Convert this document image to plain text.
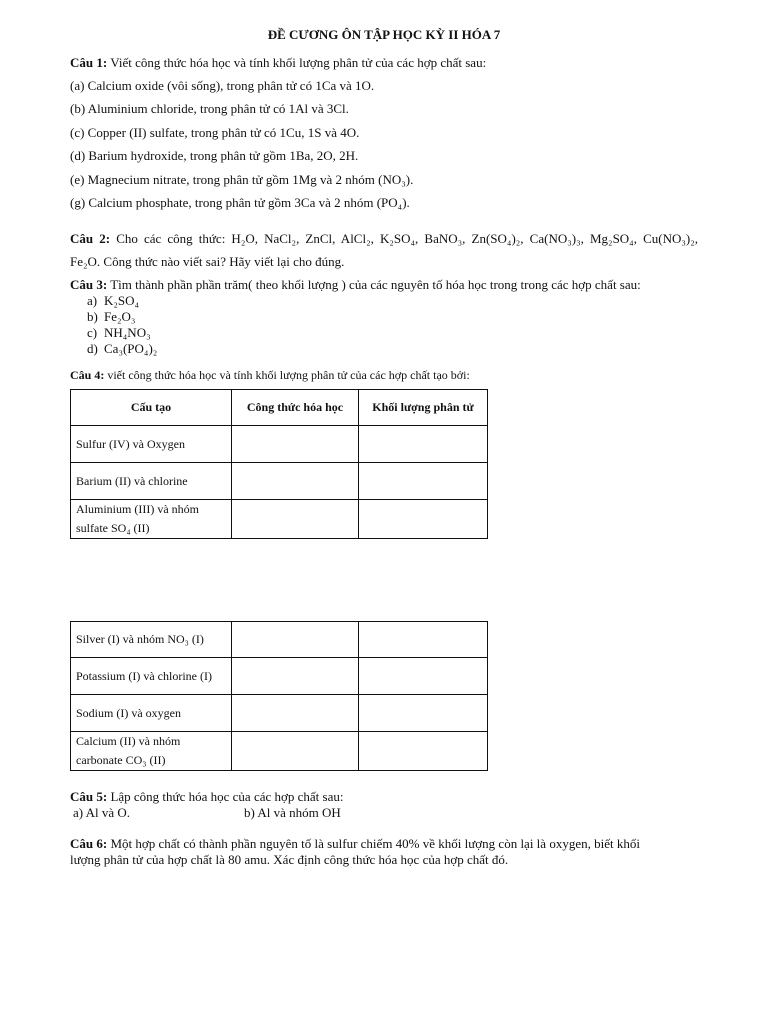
ĐỀ CƯƠNG ÔN TẬP HỌC KỲ II HÓA 7
Câu 1: Viết công thức hóa học và tính khối lượng phân tử của các hợp chất sau:
(a) Calcium oxide (vôi sống), trong phân tử có 1Ca và 1O.
(b) Aluminium chloride, trong phân tử có 1Al và 3Cl.
(c) Copper (II) sulfate, trong phân tử có 1Cu, 1S và 4O.
(d) Barium hydroxide, trong phân tử gồm 1Ba, 2O, 2H.
(e) Magnecium nitrate, trong phân tử gồm 1Mg và 2 nhóm (NO₃).
(g) Calcium phosphate, trong phân tử gồm 3Ca và 2 nhóm (PO₄).
Câu 2: Cho các công thức: H₂O, NaCl₂, ZnCl, AlCl₂, K₂SO₄, BaNO₃, Zn(SO₄)₂, Ca(NO₃)₃, Mg₂SO₄, Cu(NO₃)₂,
Fe₂O. Công thức nào viết sai? Hãy viết lại cho đúng.
Câu 3: Tìm thành phần phần trăm( theo khối lượng ) của các nguyên tố hóa học trong trong các hợp chất sau:
a) K₂SO₄
b) Fe₂O₃
c) NH₄NO₃
d) Ca₃(PO₄)₂
Câu 4: viết công thức hóa học và tính khối lượng phân tử của các hợp chất tạo bởi:
Cấu tạo	Công thức hóa học	Khối lượng phân tử
Sulfur (IV) và Oxygen		
Barium (II) và chlorine		
Aluminium (III) và nhóm sulfate SO₄ (II)		
Silver (I) và nhóm NO₃ (I)		
Potassium (I) và chlorine (I)		
Sodium (I) và oxygen		
Calcium (II) và nhóm carbonate CO₃ (II)		
Câu 5: Lập công thức hóa học của các hợp chất sau:
a) Al và O.	b) Al và nhóm OH
Câu 6: Một hợp chất có thành phần nguyên tố là sulfur chiếm 40% về khối lượng còn lại là oxygen, biết khối
lượng phân tử của hợp chất là 80 amu. Xác định công thức hóa học của hợp chất đó.
